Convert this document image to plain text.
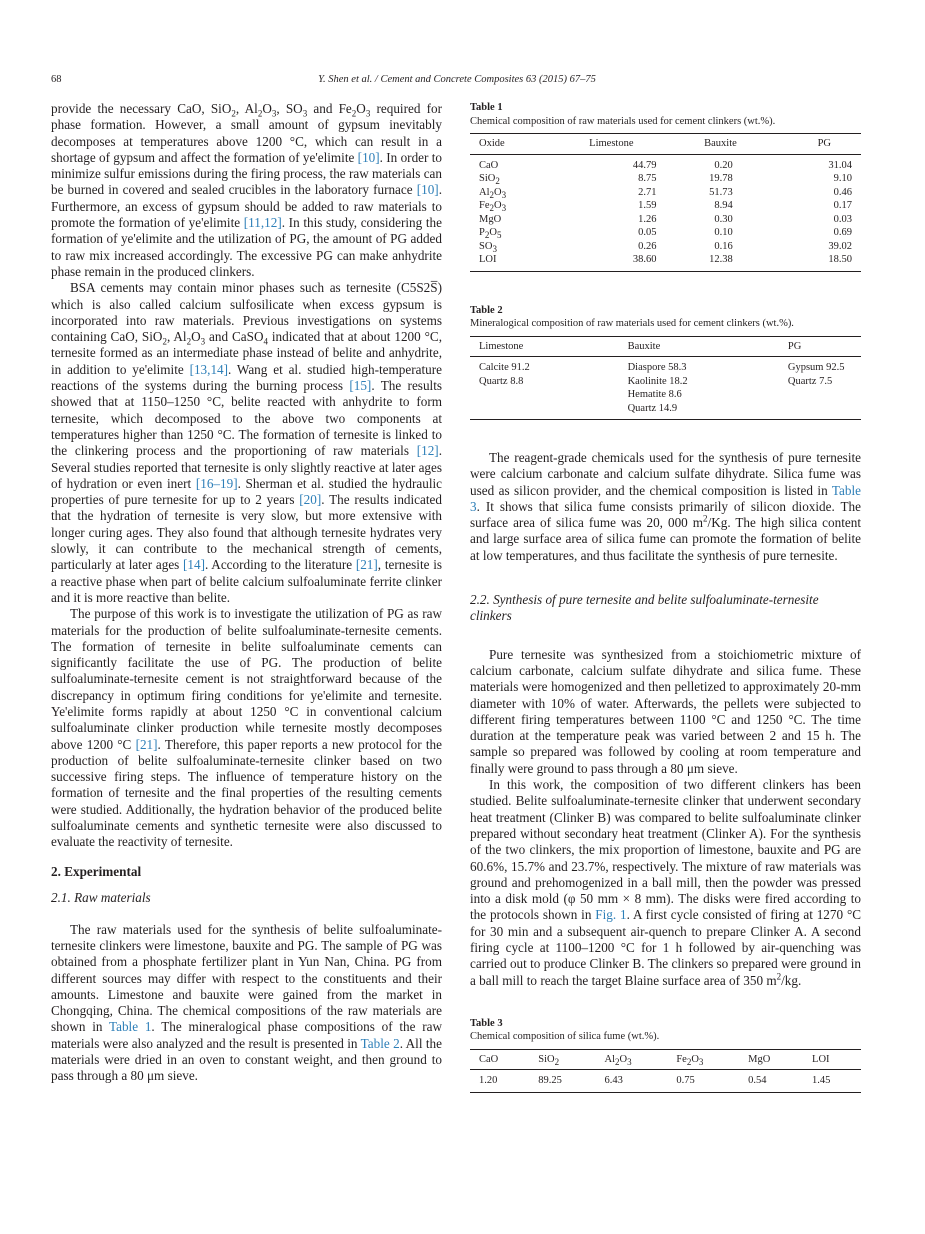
68	Y. Shen et al. / Cement and Concrete Composites 63 (2015) 67–75

provide the necessary CaO, SiO$_2$, $Al_2O_3$, $SO_3$ and $Fe_2O_3$ required for phase formation. However, a small amount of gypsum inevitably decomposes at temperatures above 1200 °C, which can result in a shortage of gypsum and affect the formation of ye'elimite [10]. In order to minimize sulfur emissions during the firing process, the raw materials can be burned in covered and sealed crucibles in the laboratory furnace [10]. Furthermore, an excess of gypsum should be added to raw materials to promote the formation of ye'elimite [11,12]. In this study, considering the formation of ye'elimite and the utilization of PG, the amount of PG added to raw mix increased accordingly. The excessive PG can make anhydrite phase remain in the produced clinkers.

BSA cements may contain minor phases such as ternesite (C5S2S̅) which is also called calcium sulfosilicate when excess gypsum is incorporated into raw materials. Previous investigations on systems containing CaO, SiO$_2$, $Al_2O_3$ and CaSO$_4$ indicated that at about 1200 °C, ternesite formed as an intermediate phase instead of belite and anhydrite, in addition to ye'elimite [13,14]. Wang et al. studied high-temperature reactions of the systems during the burning process [15]. The results showed that at 1150–1250 °C, belite reacted with anhydrite to form ternesite, which decomposed to the above two components at temperatures higher than 1250 °C. The formation of ternesite is linked to the clinkering process and the proportioning of raw materials [12]. Several studies reported that ternesite is only slightly reactive at later ages of hydration or even inert [16–19]. Sherman et al. studied the hydraulic properties of pure ternesite for up to 2 years [20]. The results indicated that the hydration of ternesite is very slow, but more extensive with longer curing ages. They also found that although ternesite hydrates very slowly, it can contribute to the mechanical strength of cements, particularly at later ages [14]. According to the literature [21], ternesite is a reactive phase when part of belite calcium sulfoaluminate ferrite clinker and it is more reactive than belite.

The purpose of this work is to investigate the utilization of PG as raw materials for the production of belite sulfoaluminate-ternesite cements. The formation of ternesite in belite sulfoaluminate cements can significantly facilitate the use of PG. The production of belite sulfoaluminate-ternesite cement is not straightforward because of the discrepancy in optimum firing conditions for ye'elimite and ternesite. Ye'elimite forms rapidly at about 1250 °C in conventional calcium sulfoaluminate clinker production while ternesite mostly decomposes above 1200 °C [21]. Therefore, this paper reports a new protocol for the production of belite sulfoaluminate-ternesite clinker based on two successive firing steps. The influence of temperature history on the formation of ternesite and the final properties of the resulting cements were studied. Additionally, the hydration behavior of the produced belite sulfoaluminate cements and synthetic ternesite were also discussed to evaluate the reactivity of ternesite.

2. Experimental
2.1. Raw materials

The raw materials used for the synthesis of belite sulfoaluminate-ternesite clinkers were limestone, bauxite and PG. The sample of PG was obtained from a phosphate fertilizer plant in Yun Nan, China. PG from different sources may differ with respect to the constituents and their amounts. Limestone and bauxite were gained from the market in Chongqing, China. The chemical compositions of the raw materials are shown in Table 1. The mineralogical phase compositions of the raw materials were also analyzed and the result is presented in Table 2. All the materials were dried in an oven to constant weight, and then ground to pass through a 80 μm sieve.

Table 1
Chemical composition of raw materials used for cement clinkers (wt.%).
Oxide	Limestone	Bauxite	PG
CaO	44.79	0.20	31.04
SiO$_2$	8.75	19.78	9.10
$Al_2O_3$	2.71	51.73	0.46
$Fe_2O_3$	1.59	8.94	0.17
MgO	1.26	0.30	0.03
$P_2O_5$	0.05	0.10	0.69
$SO_3$	0.26	0.16	39.02
LOI	38.60	12.38	18.50
Table 2
Mineralogical composition of raw materials used for cement clinkers (wt.%).
Limestone	Bauxite	PG
Calcite 91.2	Diaspore 58.3	Gypsum 92.5
Quartz 8.8	Kaolinite 18.2	Quartz 7.5
	Hematite 8.6	
	Quartz 14.9	

The reagent-grade chemicals used for the synthesis of pure ternesite were calcium carbonate and calcium sulfate dihydrate. Silica fume was used as silicon provider, and the chemical composition is listed in Table 3. It shows that silica fume consists primarily of silicon dioxide. The surface area of silica fume was 20, 000 $m^2/Kg$. The high silica content and large surface area of silica fume can promote the formation of belite at low temperatures, and thus facilitate the synthesis of pure ternesite.

2.2. Synthesis of pure ternesite and belite sulfoaluminate-ternesite clinkers

Pure ternesite was synthesized from a stoichiometric mixture of calcium carbonate, calcium sulfate dihydrate and silica fume. These materials were homogenized and then pelletized to approximately 20-mm diameter with 10% of water. Afterwards, the pellets were subjected to different firing temperatures between 1100 °C and 1250 °C. The time duration at the temperature peak was varied between 2 and 15 h. The sample so prepared was followed by cooling at room temperature and finally were ground to pass through a 80 μm sieve.

In this work, the composition of two different clinkers has been studied. Belite sulfoaluminate-ternesite clinker that underwent secondary heat treatment (Clinker B) was compared to belite sulfoaluminate clinker prepared without secondary heat treatment (Clinker A). For the synthesis of the two clinkers, the mix proportion of limestone, bauxite and PG are 60.6%, 15.7% and 23.7%, respectively. The mixture of raw materials was ground and prehomogenized in a ball mill, then the powder was pressed into a disk mold (φ 50 mm × 8 mm). The disks were fired according to the protocols shown in Fig. 1. A first cycle consisted of firing at 1270 °C for 30 min and a subsequent air-quench to prepare Clinker A. A second firing cycle at 1100–1200 °C for 1 h followed by air-quenching was carried out to produce Clinker B. The clinkers so prepared were ground in a ball mill to reach the target Blaine surface area of 350 $m^2/kg$.

Table 3
Chemical composition of silica fume (wt.%).
CaO	SiO$_2$	$Al_2O_3$	$Fe_2O_3$	MgO	LOI
1.20	89.25	6.43	0.75	0.54	1.45
